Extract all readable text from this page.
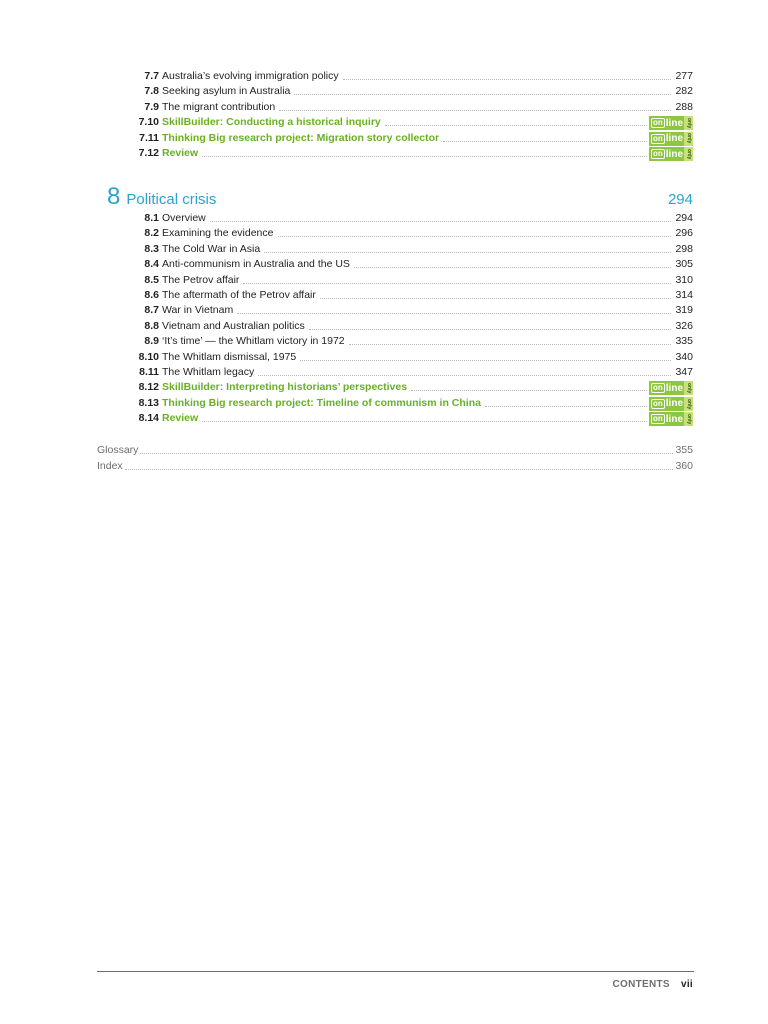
7.7 Australia’s evolving immigration policy	277
7.8 Seeking asylum in Australia	282
7.9 The migrant contribution	288
7.10 SkillBuilder: Conducting a historical inquiry	on line only
7.11 Thinking Big research project: Migration story collector	on line only
7.12 Review	on line only
8.1 Overview	294
8.2 Examining the evidence	296
8.3 The Cold War in Asia	298
8.4 Anti-communism in Australia and the US	305
8.5 The Petrov affair	310
8.6 The aftermath of the Petrov affair	314
8.7 War in Vietnam	319
8.8 Vietnam and Australian politics	326
8.9 ‘It’s time’ — the Whitlam victory in 1972	335
8.10 The Whitlam dismissal, 1975	340
8.11 The Whitlam legacy	347
8.12 SkillBuilder: Interpreting historians’ perspectives	on line only
8.13 Thinking Big research project: Timeline of communism in China	on line only
8.14 Review	on line only
Glossary	355
Index	360
8 Political crisis	294
CONTENTS vii
